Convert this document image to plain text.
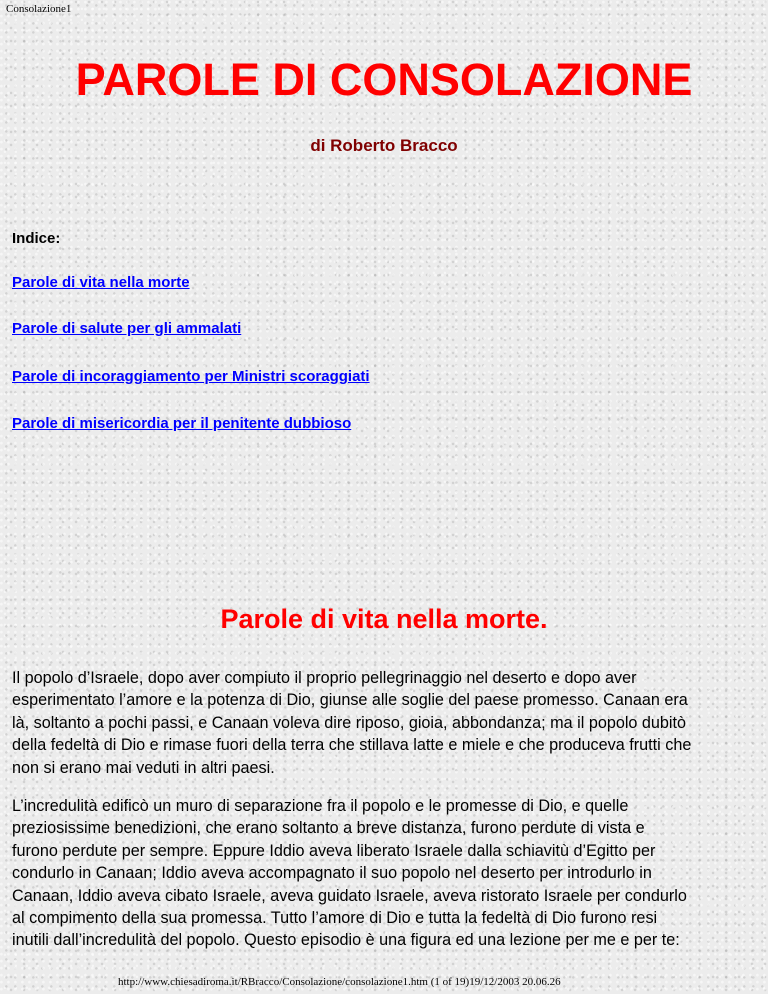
Consolazione1
PAROLE DI CONSOLAZIONE
di Roberto Bracco

Indice:

Parole di vita nella morte
Parole di salute per gli ammalati
Parole di incoraggiamento per Ministri scoraggiati
Parole di misericordia per il penitente dubbioso
Parole di vita nella morte.

Il popolo d’Israele, dopo aver compiuto il proprio pellegrinaggio nel deserto e dopo aver
esperimentato l’amore e la potenza di Dio, giunse alle soglie del paese promesso. Canaan era
là, soltanto a pochi passi, e Canaan voleva dire riposo, gioia, abbondanza; ma il popolo dubitò
della fedeltà di Dio e rimase fuori della terra che stillava latte e miele e che produceva frutti che
non si erano mai veduti in altri paesi.

L’incredulità edificò un muro di separazione fra il popolo e le promesse di Dio, e quelle
preziosissime benedizioni, che erano soltanto a breve distanza, furono perdute di vista e
furono perdute per sempre. Eppure Iddio aveva liberato Israele dalla schiavitù d’Egitto per
condurlo in Canaan; Iddio aveva accompagnato il suo popolo nel deserto per introdurlo in
Canaan, Iddio aveva cibato Israele, aveva guidato Israele, aveva ristorato Israele per condurlo
al compimento della sua promessa. Tutto l’amore di Dio e tutta la fedeltà di Dio furono resi
inutili dall’incredulità del popolo. Questo episodio è una figura ed una lezione per me e per te:

http://www.chiesadiroma.it/RBracco/Consolazione/consolazione1.htm (1 of 19)19/12/2003 20.06.26
